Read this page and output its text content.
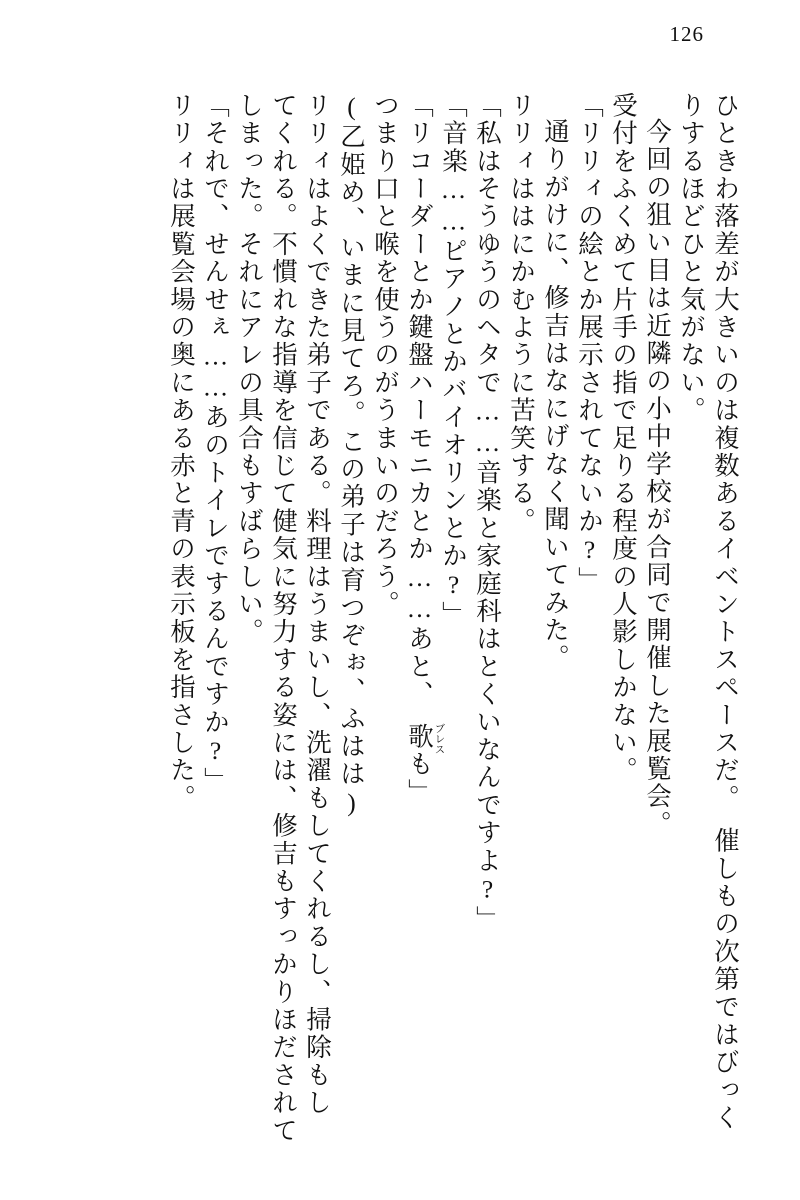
126
ひときわ落差が大きいのは複数あるイベントスペースだ。　催しもの次第ではびっく
りするほどひと気がない。
今回の狙い目は近隣の小中学校が合同で開催した展覧会。
受付をふくめて片手の指で足りる程度の人影しかない。
「リリィの絵とか展示されてないか?」
通りがけに、修吉はなにげなく聞いてみた。
リリィははにかむように苦笑する。
「私はそうゆうのヘタで……音楽と家庭科はとくいなんですよ?」
「音楽……ピアノとかバイオリンとか?」
「リコーダーとか鍵盤ハーモニカとか……あと、　歌も ブレス
」
つまり口と喉を使うのがうまいのだろう。
(乙姫め、いまに見てろ。この弟子は育つぞぉ、ふはは)
リリィはよくできた弟子である。料理はうまいし、洗濯もしてくれるし、掃除もし
てくれる。不慣れな指導を信じて健気に努力する姿には、修吉もすっかりほだされて
しまった。それにアレの具合もすばらしい。
「それで、せんせぇ……あのトイレでするんですか?」
リリィは展覧会場の奥にある赤と青の表示板を指さした。
